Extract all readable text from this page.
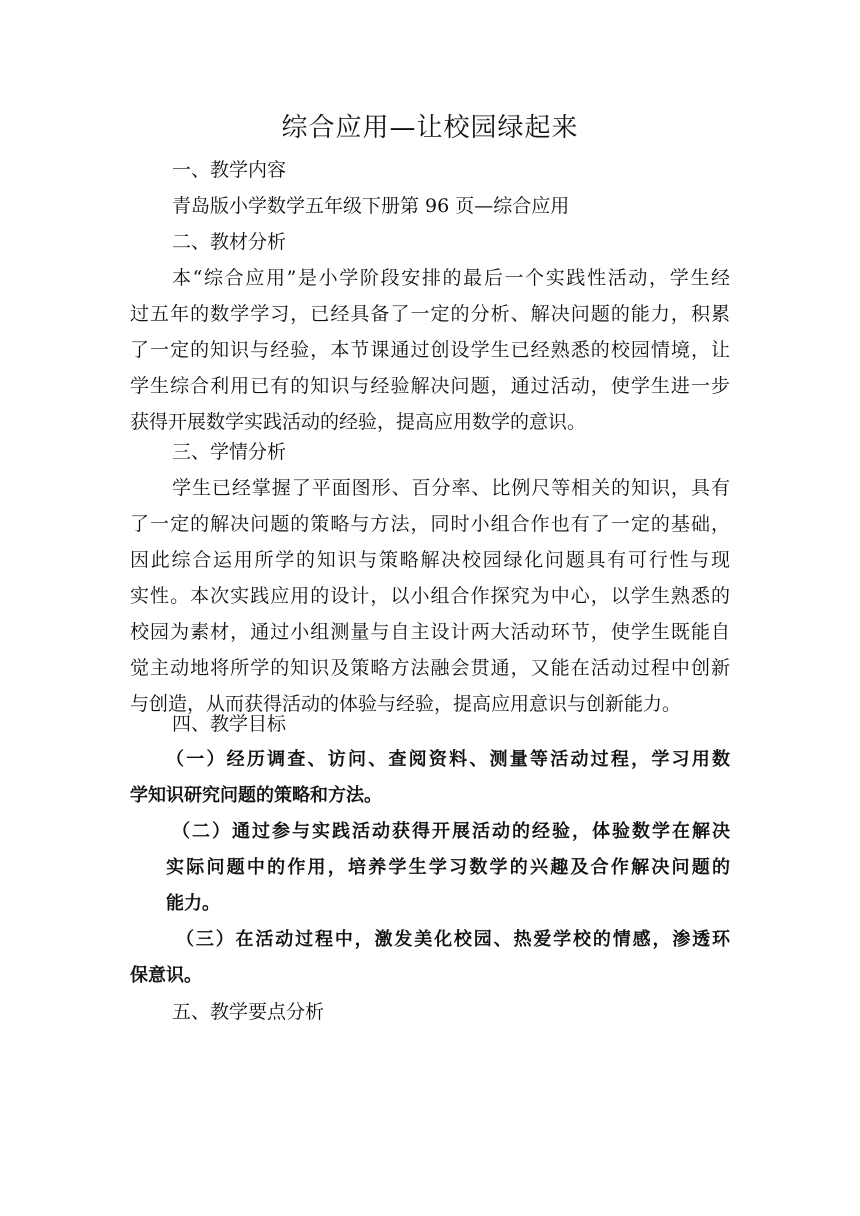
综合应用—让校园绿起来
一、教学内容
青岛版小学数学五年级下册第 96 页—综合应用
二、教材分析
本“综合应用”是小学阶段安排的最后一个实践性活动，学生经
过五年的数学学习，已经具备了一定的分析、解决问题的能力，积累
了一定的知识与经验，本节课通过创设学生已经熟悉的校园情境，让
学生综合利用已有的知识与经验解决问题，通过活动，使学生进一步
获得开展数学实践活动的经验，提高应用数学的意识。
三、学情分析
学生已经掌握了平面图形、百分率、比例尺等相关的知识，具有
了一定的解决问题的策略与方法，同时小组合作也有了一定的基础，
因此综合运用所学的知识与策略解决校园绿化问题具有可行性与现
实性。本次实践应用的设计，以小组合作探究为中心，以学生熟悉的
校园为素材，通过小组测量与自主设计两大活动环节，使学生既能自
觉主动地将所学的知识及策略方法融会贯通，又能在活动过程中创新
与创造，从而获得活动的体验与经验，提高应用意识与创新能力。
四、教学目标
（一）经历调查、访问、查阅资料、测量等活动过程，学习用数
学知识研究问题的策略和方法。
（二）通过参与实践活动获得开展活动的经验，体验数学在解决
实际问题中的作用，培养学生学习数学的兴趣及合作解决问题的
能力。
（三）在活动过程中，激发美化校园、热爱学校的情感，渗透环
保意识。
五、教学要点分析
